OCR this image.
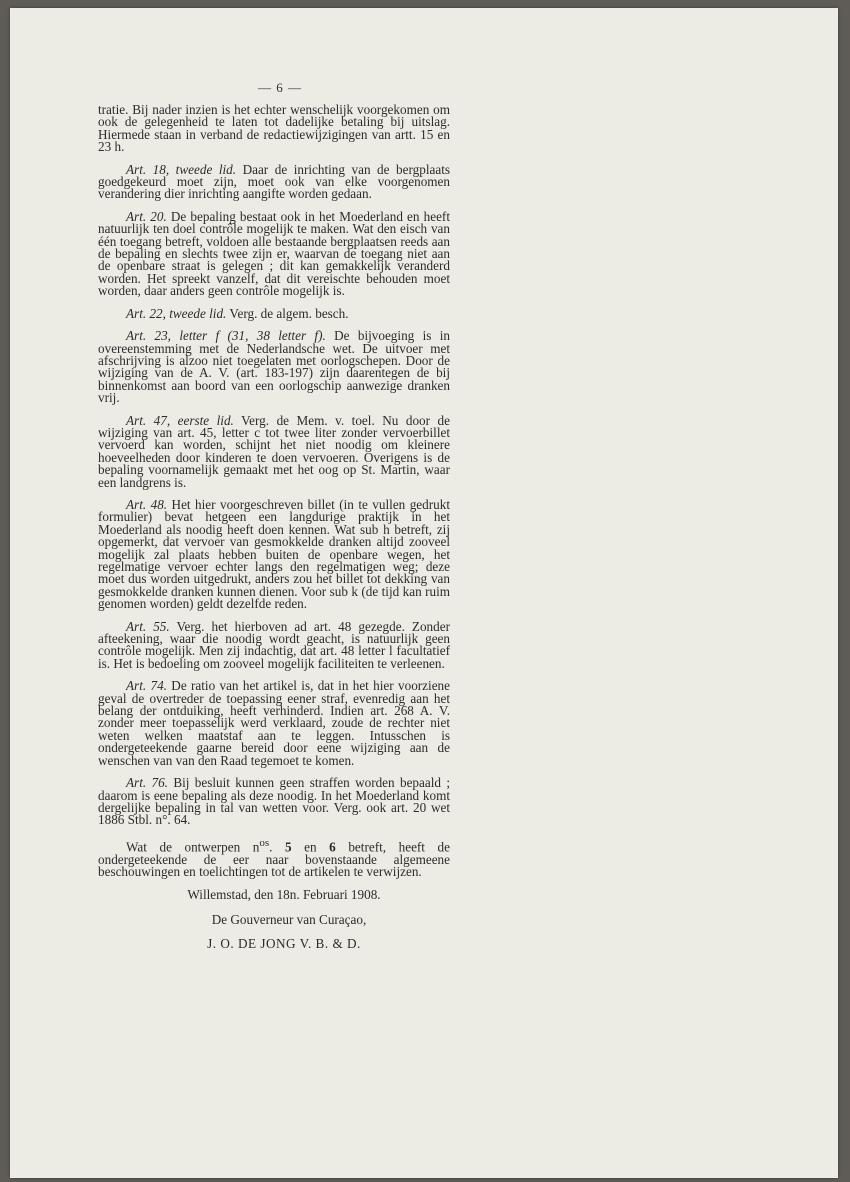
— 6 —

tratie. Bij nader inzien is het echter wenschelijk voorgekomen om ook de gelegenheid te laten tot dadelijke betaling bij uitslag. Hiermede staan in verband de redactiewijzigingen van artt. 15 en 23 h.

Art. 18, tweede lid. Daar de inrichting van de bergplaats goedgekeurd moet zijn, moet ook van elke voorgenomen verandering dier inrichting aangifte worden gedaan.

Art. 20. De bepaling bestaat ook in het Moederland en heeft natuurlijk ten doel contrôle mogelijk te maken. Wat den eisch van één toegang betreft, voldoen alle bestaande bergplaatsen reeds aan de bepaling en slechts twee zijn er, waarvan de toegang niet aan de openbare straat is gelegen ; dit kan gemakkelijk veranderd worden. Het spreekt vanzelf, dat dit vereischte behouden moet worden, daar anders geen contrôle mogelijk is.

Art. 22, tweede lid. Verg. de algem. besch.

Art. 23, letter f (31, 38 letter f). De bijvoeging is in overeenstemming met de Nederlandsche wet. De uitvoer met afschrijving is alzoo niet toegelaten met oorlogschepen. Door de wijziging van de A. V. (art. 183-197) zijn daarentegen de bij binnenkomst aan boord van een oorlogschip aanwezige dranken vrij.

Art. 47, eerste lid. Verg. de Mem. v. toel. Nu door de wijziging van art. 45, letter c tot twee liter zonder vervoerbillet vervoerd kan worden, schijnt het niet noodig om kleinere hoeveelheden door kinderen te doen vervoeren. Overigens is de bepaling voornamelijk gemaakt met het oog op St. Martin, waar een landgrens is.

Art. 48. Het hier voorgeschreven billet (in te vullen gedrukt formulier) bevat hetgeen een langdurige praktijk in het Moederland als noodig heeft doen kennen. Wat sub h betreft, zij opgemerkt, dat vervoer van gesmokkelde dranken altijd zooveel mogelijk zal plaats hebben buiten de openbare wegen, het regelmatige vervoer echter langs den regelmatigen weg; deze moet dus worden uitgedrukt, anders zou het billet tot dekking van gesmokkelde dranken kunnen dienen. Voor sub k (de tijd kan ruim genomen worden) geldt dezelfde reden.

Art. 55. Verg. het hierboven ad art. 48 gezegde. Zonder afteekening, waar die noodig wordt geacht, is natuurlijk geen contrôle mogelijk. Men zij indachtig, dat art. 48 letter l facultatief is. Het is bedoeling om zooveel mogelijk faciliteiten te verleenen.

Art. 74. De ratio van het artikel is, dat in het hier voorziene geval de overtreder de toepassing eener straf, evenredig aan het belang der ontduiking, heeft verhinderd. Indien art. 268 A. V. zonder meer toepasselijk werd verklaard, zoude de rechter niet weten welken maatstaf aan te leggen. Intusschen is ondergeteekende gaarne bereid door eene wijziging aan de wenschen van van den Raad tegemoet te komen.

Art. 76. Bij besluit kunnen geen straffen worden bepaald ; daarom is eene bepaling als deze noodig. In het Moederland komt dergelijke bepaling in tal van wetten voor. Verg. ook art. 20 wet 1886 Stbl. n°. 64.

Wat de ontwerpen $n^{os}$. 5 en 6 betreft, heeft de ondergeteekende de eer naar bovenstaande algemeene beschouwingen en toelichtingen tot de artikelen te verwijzen.

Willemstad, den 18n. Februari 1908.

De Gouverneur van Curaçao,

J. O. DE JONG V. B. & D.
